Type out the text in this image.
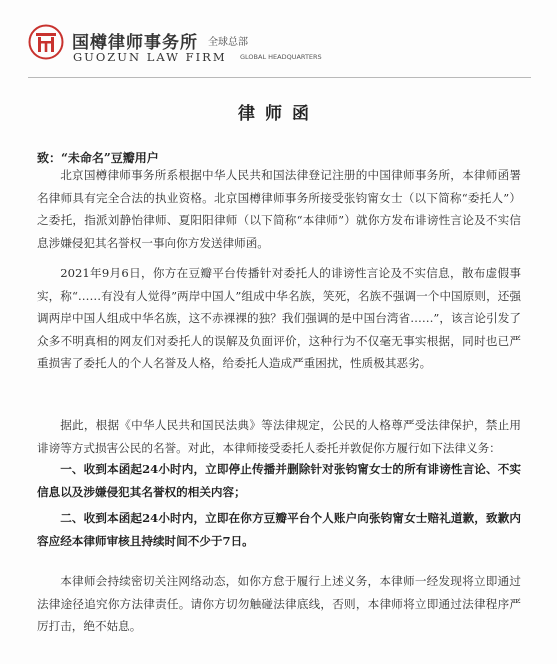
国樽律师事务所 全球总部
GUOZUN LAW FIRM GLOBAL HEADQUARTERS
律师函
致：“未命名”豆瓣用户

北京国樽律师事务所系根据中华人民共和国法律登记注册的中国律师事务所，本律师函署名律师具有完全合法的执业资格。北京国樽律师事务所接受张钧甯女士（以下简称“委托人”）之委托，指派刘静怡律师、夏阳阳律师（以下简称“本律师”）就你方发布诽谤性言论及不实信息涉嫌侵犯其名誉权一事向你方发送律师函。

2021年9月6日，你方在豆瓣平台传播针对委托人的诽谤性言论及不实信息，散布虚假事实，称“……有没有人觉得”两岸中国人”组成中华名族，笑死，名族不强调一个中国原则，还强调两岸中国人组成中华名族，这不赤裸裸的独？我们强调的是中国台湾省……”，该言论引发了众多不明真相的网友们对委托人的误解及负面评价，这种行为不仅毫无事实根据，同时也已严重损害了委托人的个人名誉及人格，给委托人造成严重困扰，性质极其恶劣。

据此，根据《中华人民共和国民法典》等法律规定，公民的人格尊严受法律保护，禁止用诽谤等方式损害公民的名誉。对此，本律师接受委托人委托并敦促你方履行如下法律义务：

一、收到本函起24小时内，立即停止传播并删除针对张钧甯女士的所有诽谤性言论、不实信息以及涉嫌侵犯其名誉权的相关内容；

二、收到本函起24小时内，立即在你方豆瓣平台个人账户向张钧甯女士赔礼道歉，致歉内容应经本律师审核且持续时间不少于7日。

本律师会持续密切关注网络动态，如你方怠于履行上述义务，本律师一经发现将立即通过法律途径追究你方法律责任。请你方切勿触碰法律底线，否则，本律师将立即通过法律程序严厉打击，绝不姑息。
